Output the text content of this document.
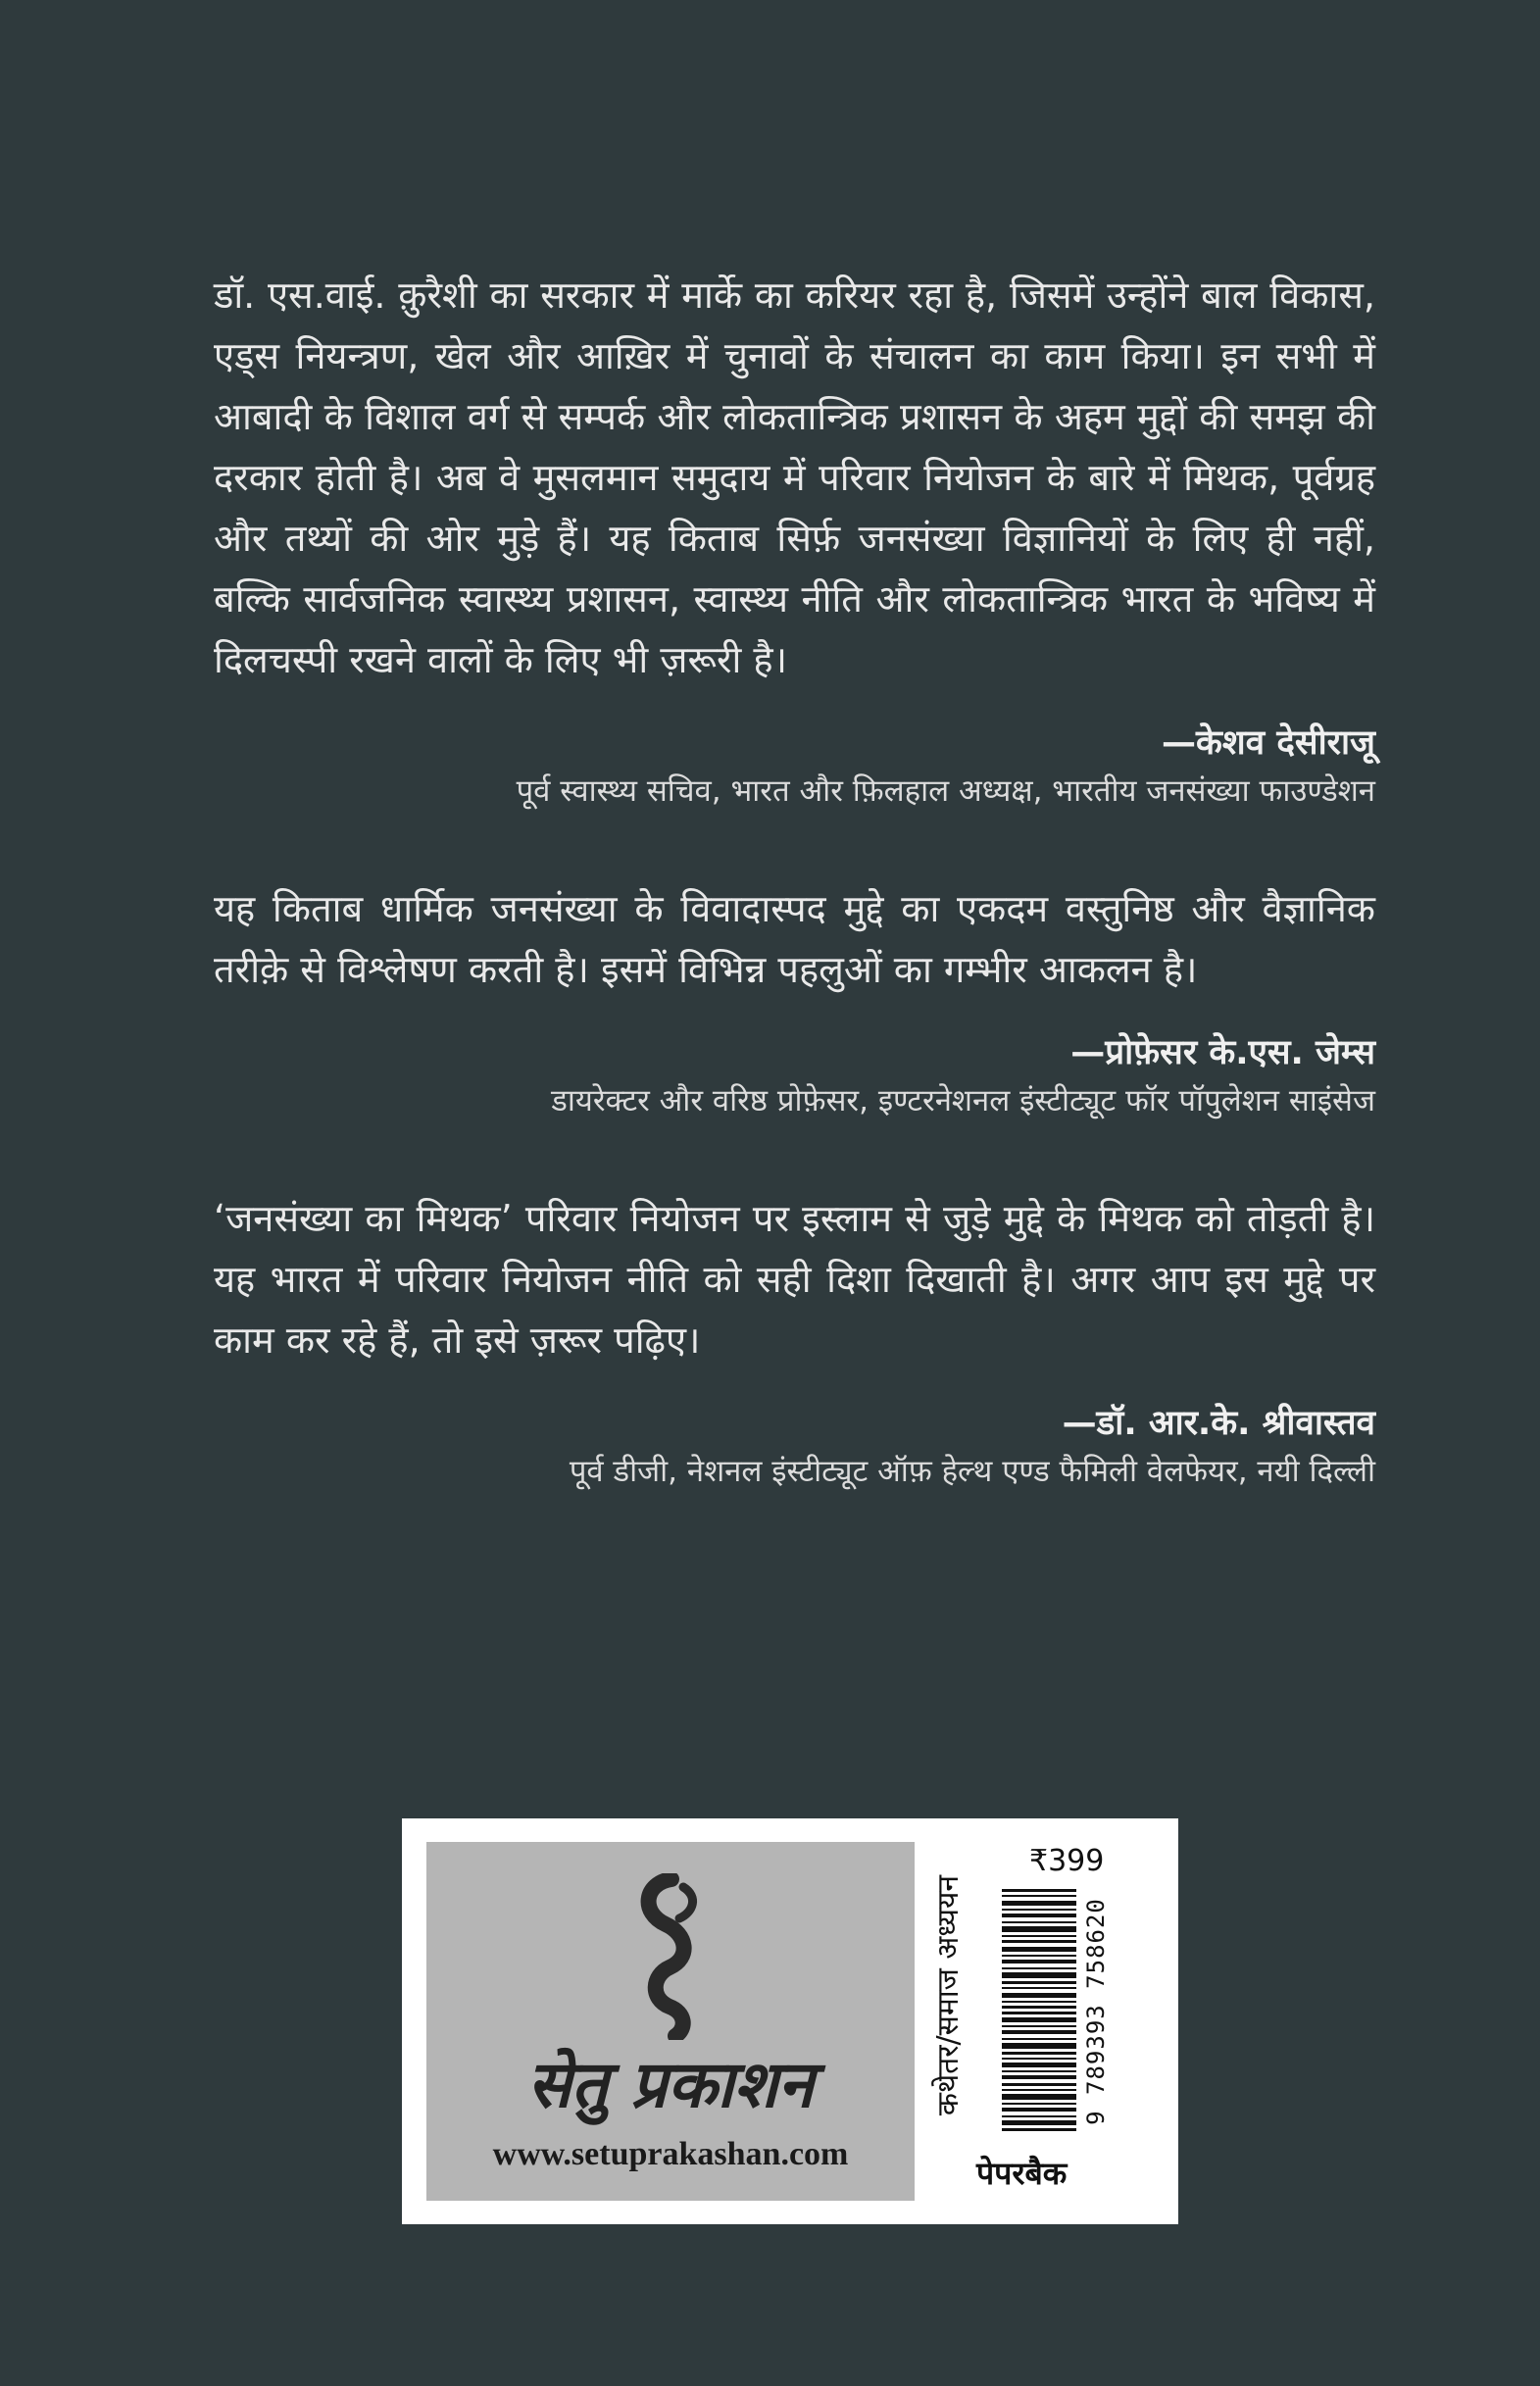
डॉ. एस.वाई. क़ुरैशी का सरकार में मार्के का करियर रहा है, जिसमें उन्होंने बाल विकास, एड्स नियन्त्रण, खेल और आख़िर में चुनावों के संचालन का काम किया। इन सभी में आबादी के विशाल वर्ग से सम्पर्क और लोकतान्त्रिक प्रशासन के अहम मुद्दों की समझ की दरकार होती है। अब वे मुसलमान समुदाय में परिवार नियोजन के बारे में मिथक, पूर्वग्रह और तथ्यों की ओर मुड़े हैं। यह किताब सिर्फ़ जनसंख्या विज्ञानियों के लिए ही नहीं, बल्कि सार्वजनिक स्वास्थ्य प्रशासन, स्वास्थ्य नीति और लोकतान्त्रिक भारत के भविष्य में दिलचस्पी रखने वालों के लिए भी ज़रूरी है।

—केशव देसीराजू
पूर्व स्वास्थ्य सचिव, भारत और फ़िलहाल अध्यक्ष, भारतीय जनसंख्या फाउण्डेशन

यह किताब धार्मिक जनसंख्या के विवादास्पद मुद्दे का एकदम वस्तुनिष्ठ और वैज्ञानिक तरीक़े से विश्लेषण करती है। इसमें विभिन्न पहलुओं का गम्भीर आकलन है।

—प्रोफ़ेसर के.एस. जेम्स
डायरेक्टर और वरिष्ठ प्रोफ़ेसर, इण्टरनेशनल इंस्टीट्यूट फॉर पॉपुलेशन साइंसेज

‘जनसंख्या का मिथक’ परिवार नियोजन पर इस्लाम से जुड़े मुद्दे के मिथक को तोड़ती है। यह भारत में परिवार नियोजन नीति को सही दिशा दिखाती है। अगर आप इस मुद्दे पर काम कर रहे हैं, तो इसे ज़रूर पढ़िए।

—डॉ. आर.के. श्रीवास्तव
पूर्व डीजी, नेशनल इंस्टीट्यूट ऑफ़ हेल्थ एण्ड फैमिली वेलफेयर, नयी दिल्ली
सेतु प्रकाशन
www.setuprakashan.com
कथेतर/समाज अध्ययन
₹399
9 789393 758620
पेपरबैक
